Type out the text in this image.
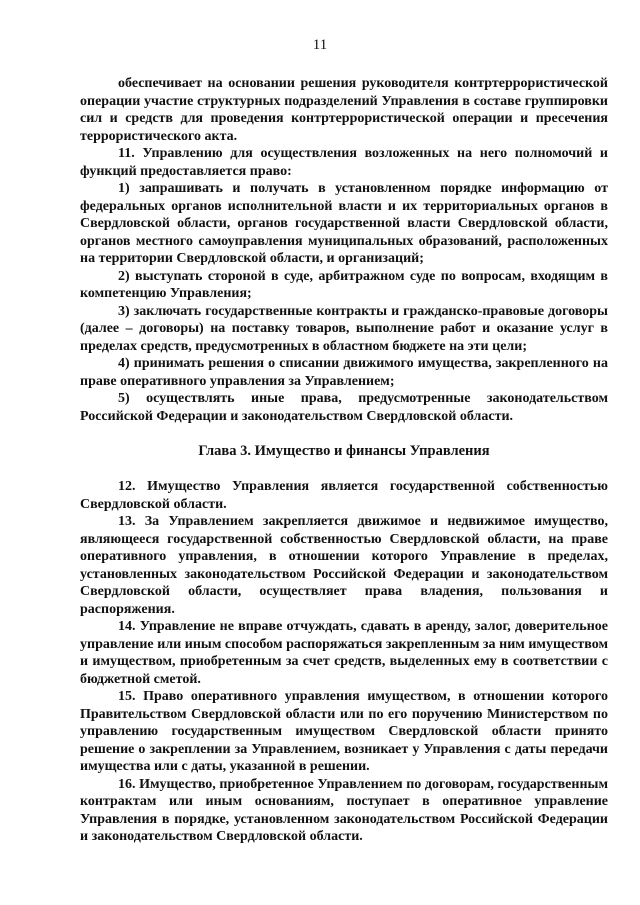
11

обеспечивает на основании решения руководителя контртеррористической операции участие структурных подразделений Управления в составе группировки сил и средств для проведения контртеррористической операции и пресечения террористического акта.

11. Управлению для осуществления возложенных на него полномочий и функций предоставляется право:

1) запрашивать и получать в установленном порядке информацию от федеральных органов исполнительной власти и их территориальных органов в Свердловской области, органов государственной власти Свердловской области, органов местного самоуправления муниципальных образований, расположенных на территории Свердловской области, и организаций;

2) выступать стороной в суде, арбитражном суде по вопросам, входящим в компетенцию Управления;

3) заключать государственные контракты и гражданско-правовые договоры (далее – договоры) на поставку товаров, выполнение работ и оказание услуг в пределах средств, предусмотренных в областном бюджете на эти цели;

4) принимать решения о списании движимого имущества, закрепленного на праве оперативного управления за Управлением;

5) осуществлять иные права, предусмотренные законодательством Российской Федерации и законодательством Свердловской области.

Глава 3. Имущество и финансы Управления

12. Имущество Управления является государственной собственностью Свердловской области.

13. За Управлением закрепляется движимое и недвижимое имущество, являющееся государственной собственностью Свердловской области, на праве оперативного управления, в отношении которого Управление в пределах, установленных законодательством Российской Федерации и законодательством Свердловской области, осуществляет права владения, пользования и распоряжения.

14. Управление не вправе отчуждать, сдавать в аренду, залог, доверительное управление или иным способом распоряжаться закрепленным за ним имуществом и имуществом, приобретенным за счет средств, выделенных ему в соответствии с бюджетной сметой.

15. Право оперативного управления имуществом, в отношении которого Правительством Свердловской области или по его поручению Министерством по управлению государственным имуществом Свердловской области принято решение о закреплении за Управлением, возникает у Управления с даты передачи имущества или с даты, указанной в решении.

16. Имущество, приобретенное Управлением по договорам, государственным контрактам или иным основаниям, поступает в оперативное управление Управления в порядке, установленном законодательством Российской Федерации и законодательством Свердловской области.
